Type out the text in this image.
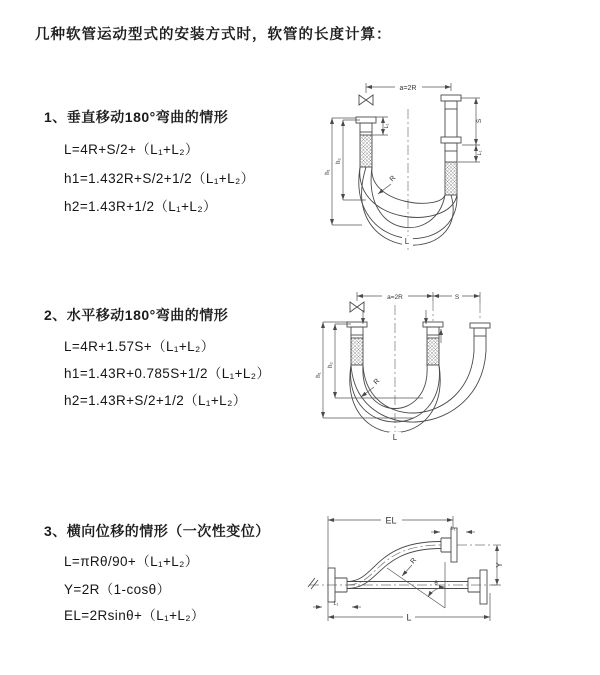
几种软管运动型式的安装方式时，软管的长度计算：
1、垂直移动180°弯曲的情形
L=4R+S/2+（L₁+L₂）
h1=1.432R+S/2+1/2（L₁+L₂）
h2=1.43R+1/2（L₁+L₂）
2、水平移动180°弯曲的情形
L=4R+1.57S+（L₁+L₂）
h1=1.43R+0.785S+1/2（L₁+L₂）
h2=1.43R+S/2+1/2（L₁+L₂）
3、横向位移的情形（一次性变位）
L=πRθ/90+（L₁+L₂）
Y=2R（1-cosθ）
EL=2Rsinθ+（L₁+L₂）
a=2R
S
L₁
L₁
h₁
h₂
R
L
a=2R	S
h₁
h₂
R
L
EL
L₁
Y
R
θ
L
L₁
